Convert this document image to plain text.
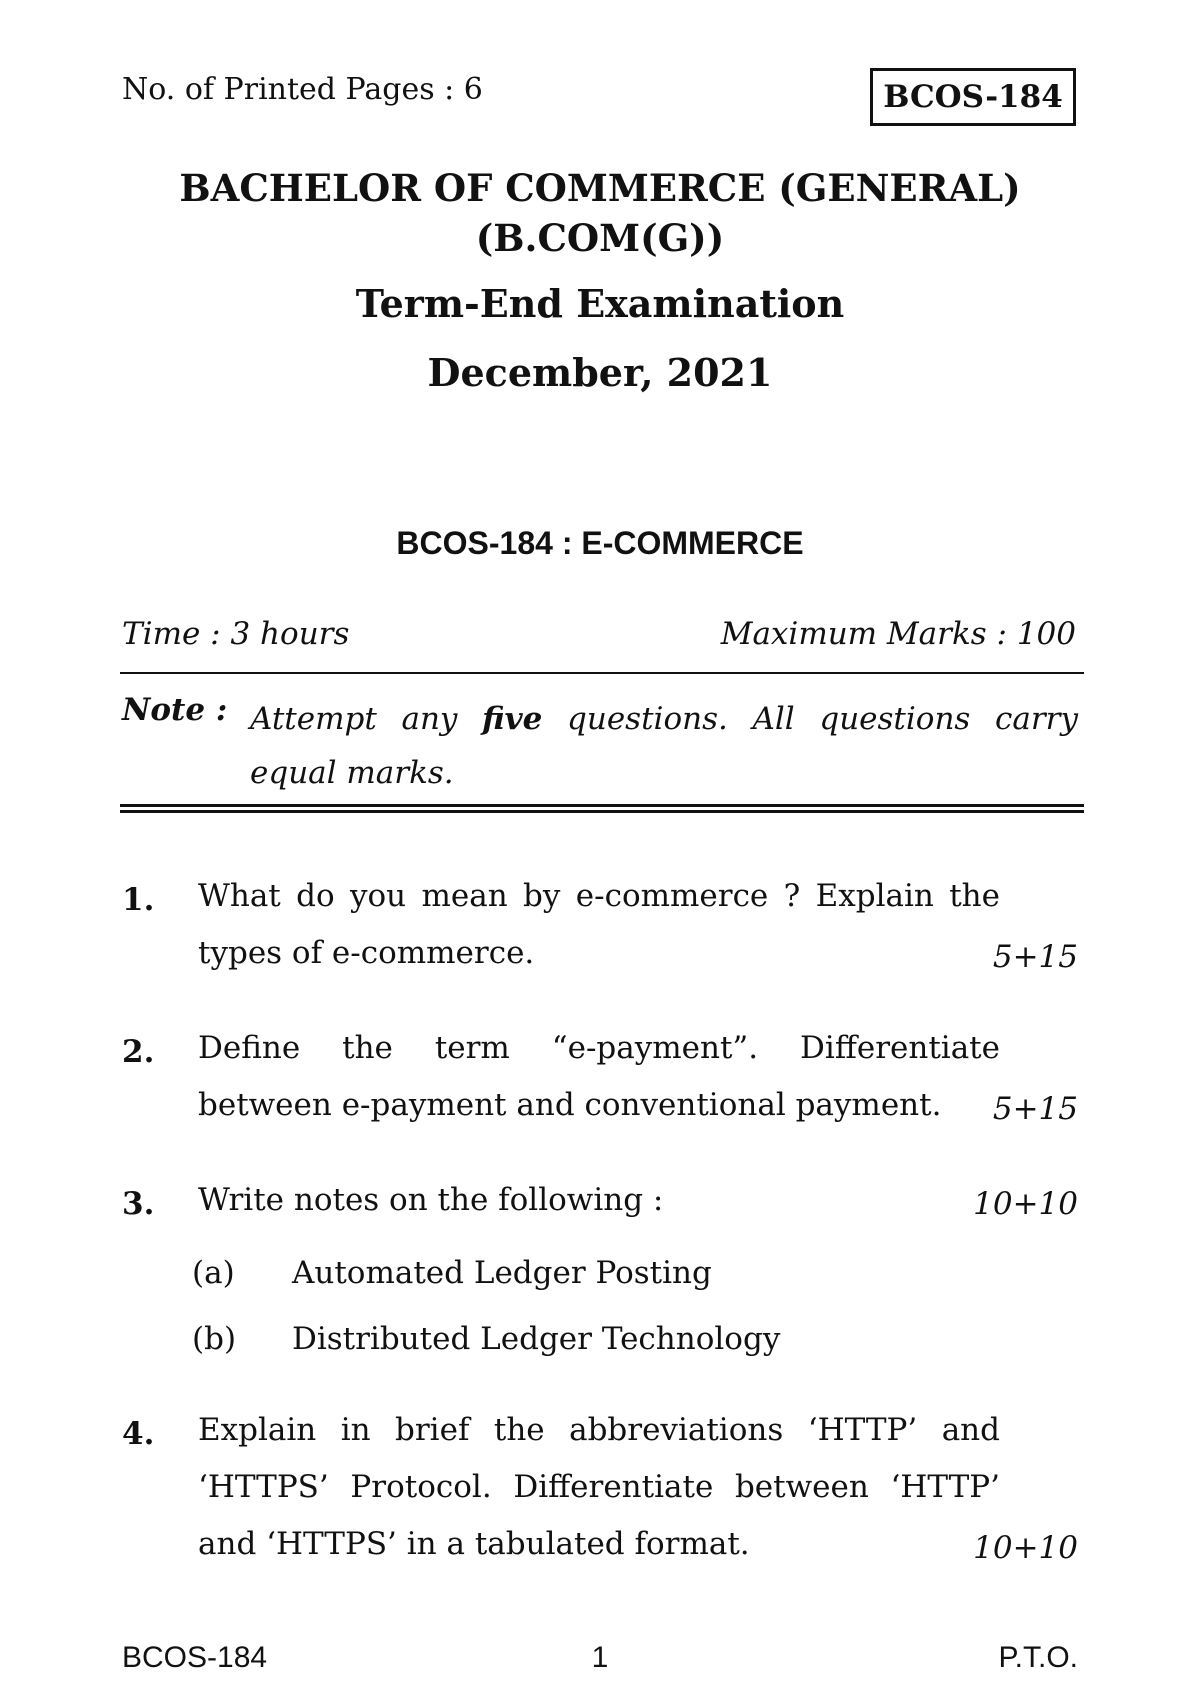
No. of Printed Pages : 6	BCOS-184
BACHELOR OF COMMERCE (GENERAL)
(B.COM(G))
Term-End Examination
December, 2021
BCOS-184 : E-COMMERCE
Time : 3 hours	Maximum Marks : 100
Note : Attempt any five questions. All questions carry equal marks.
1. What do you mean by e-commerce ? Explain the
types of e-commerce.	5+15
2. Define the term “e-payment”. Differentiate
between e-payment and conventional payment.	5+15
3. Write notes on the following :	10+10
(a) Automated Ledger Posting
(b) Distributed Ledger Technology
4. Explain in brief the abbreviations ‘HTTP’ and
‘HTTPS’ Protocol. Differentiate between ‘HTTP’
and ‘HTTPS’ in a tabulated format.	10+10
BCOS-184	1	P.T.O.
